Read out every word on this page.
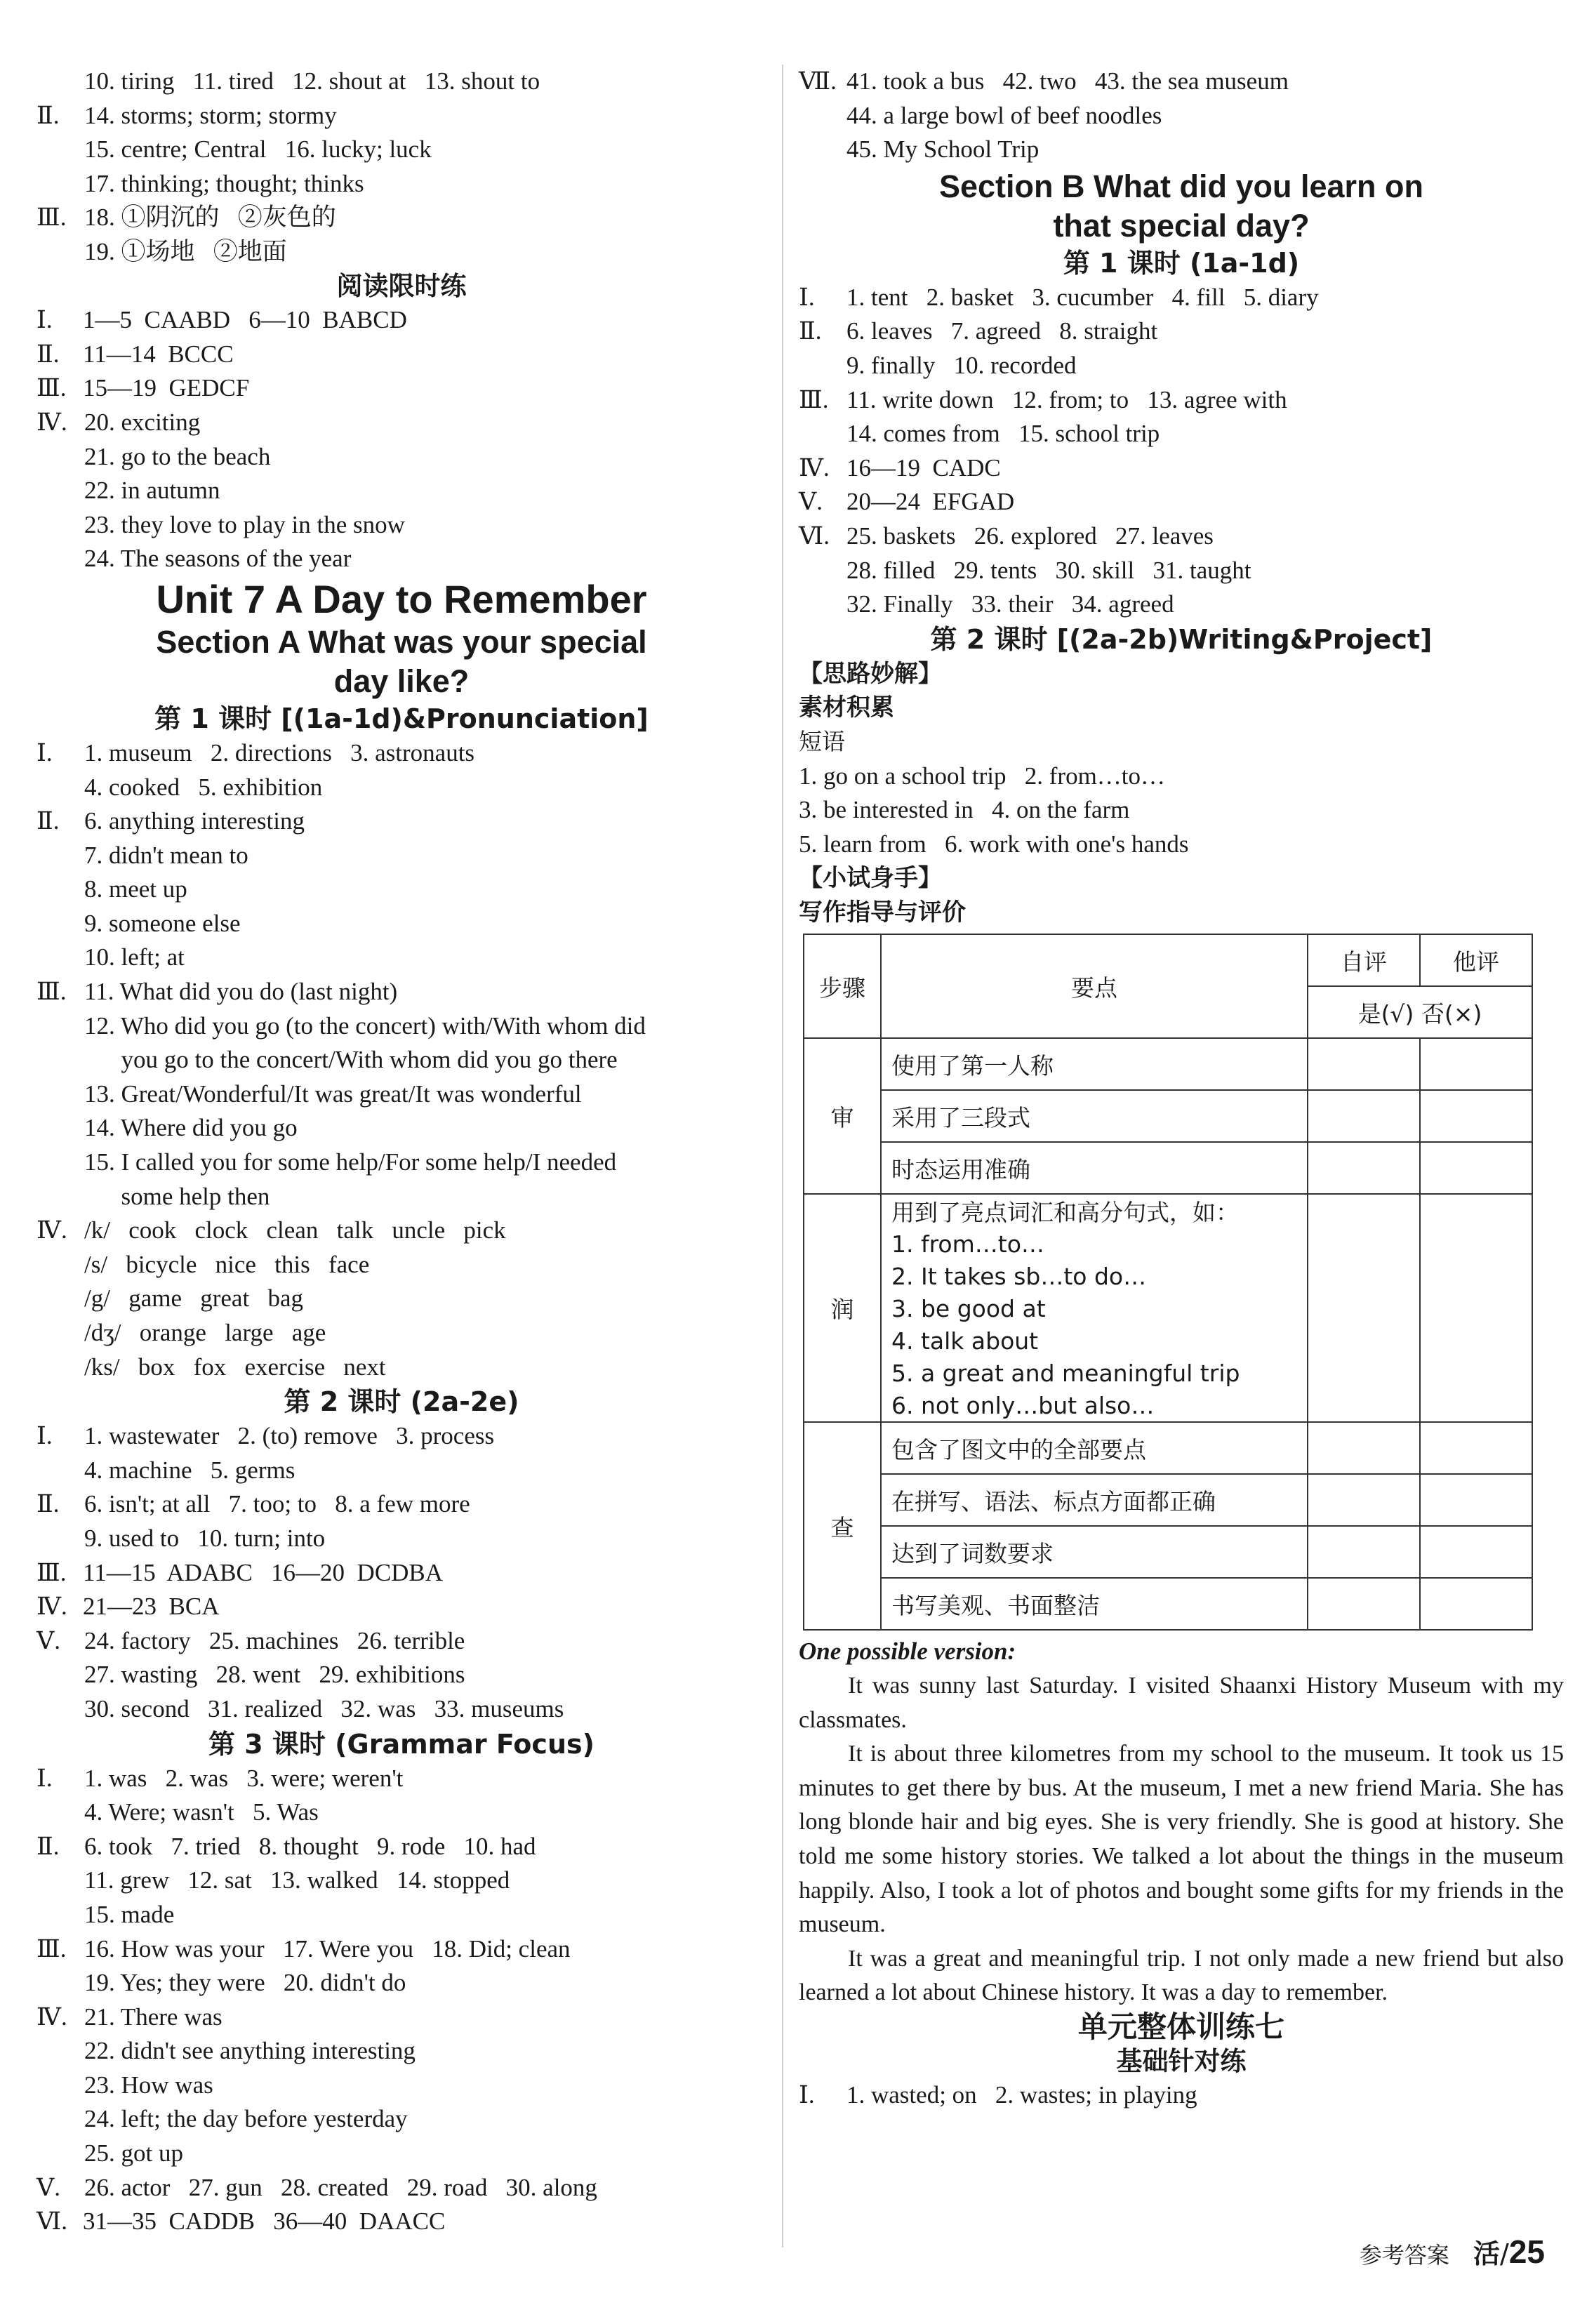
10. tiring   11. tired   12. shout at   13. shout to
Ⅱ. 14. storms; storm; stormy
15. centre; Central   16. lucky; luck
17. thinking; thought; thinks
Ⅲ. 18. ①阴沉的   ②灰色的
19. ①场地   ②地面
阅读限时练
Ⅰ. 1—5  CAABD   6—10  BABCD
Ⅱ. 11—14  BCCC
Ⅲ. 15—19  GEDCF
Ⅳ. 20. exciting
21. go to the beach
22. in autumn
23. they love to play in the snow
24. The seasons of the year
Unit 7 A Day to Remember
Section A What was your special
day like?
第 1 课时 [(1a-1d)&Pronunciation]
Ⅰ. 1. museum   2. directions   3. astronauts
4. cooked   5. exhibition
Ⅱ. 6. anything interesting
7. didn't mean to
8. meet up
9. someone else
10. left; at
Ⅲ. 11. What did you do (last night)
12. Who did you go (to the concert) with/With whom did
you go to the concert/With whom did you go there
13. Great/Wonderful/It was great/It was wonderful
14. Where did you go
15. I called you for some help/For some help/I needed
some help then
Ⅳ. /k/   cook   clock   clean   talk   uncle   pick
/s/   bicycle   nice   this   face
/g/   game   great   bag
/dʒ/   orange   large   age
/ks/   box   fox   exercise   next
第 2 课时 (2a-2e)
Ⅰ. 1. wastewater   2. (to) remove   3. process
4. machine   5. germs
Ⅱ. 6. isn't; at all   7. too; to   8. a few more
9. used to   10. turn; into
Ⅲ. 11—15  ADABC   16—20  DCDBA
Ⅳ. 21—23  BCA
Ⅴ. 24. factory   25. machines   26. terrible
27. wasting   28. went   29. exhibitions
30. second   31. realized   32. was   33. museums
第 3 课时 (Grammar Focus)
Ⅰ. 1. was   2. was   3. were; weren't
4. Were; wasn't   5. Was
Ⅱ. 6. took   7. tried   8. thought   9. rode   10. had
11. grew   12. sat   13. walked   14. stopped
15. made
Ⅲ. 16. How was your   17. Were you   18. Did; clean
19. Yes; they were   20. didn't do
Ⅳ. 21. There was
22. didn't see anything interesting
23. How was
24. left; the day before yesterday
25. got up
Ⅴ. 26. actor   27. gun   28. created   29. road   30. along
Ⅵ. 31—35  CADDB   36—40  DAACC
Ⅶ. 41. took a bus   42. two   43. the sea museum
44. a large bowl of beef noodles
45. My School Trip
Section B What did you learn on
that special day?
第 1 课时 (1a-1d)
Ⅰ. 1. tent   2. basket   3. cucumber   4. fill   5. diary
Ⅱ. 6. leaves   7. agreed   8. straight
9. finally   10. recorded
Ⅲ. 11. write down   12. from; to   13. agree with
14. comes from   15. school trip
Ⅳ. 16—19  CADC
Ⅴ. 20—24  EFGAD
Ⅵ. 25. baskets   26. explored   27. leaves
28. filled   29. tents   30. skill   31. taught
32. Finally   33. their   34. agreed
第 2 课时 [(2a-2b)Writing&Project]
【思路妙解】
素材积累
短语
1. go on a school trip   2. from…to…
3. be interested in   4. on the farm
5. learn from   6. work with one's hands
【小试身手】
写作指导与评价
步骤	要点	自评	他评
		是(√) 否(×)	
审	使用了第一人称		
	采用了三段式		
	时态运用准确		
润	用到了亮点词汇和高分句式，如：		
	1. from…to…		
	2. It takes sb…to do…		
	3. be good at		
	4. talk about		
	5. a great and meaningful trip		
	6. not only…but also…		
查	包含了图文中的全部要点		
	在拼写、语法、标点方面都正确		
	达到了词数要求		
	书写美观、书面整洁		
One possible version:

It was sunny last Saturday. I visited Shaanxi History Museum with my classmates.

It is about three kilometres from my school to the museum. It took us 15 minutes to get there by bus. At the museum, I met a new friend Maria. She has long blonde hair and big eyes. She is very friendly. She is good at history. She told me some history stories. We talked a lot about the things in the museum happily. Also, I took a lot of photos and bought some gifts for my friends in the museum.

It was a great and meaningful trip. I not only made a new friend but also learned a lot about Chinese history. It was a day to remember.

单元整体训练七
基础针对练
Ⅰ. 1. wasted; on   2. wastes; in playing
参考答案 活/25
